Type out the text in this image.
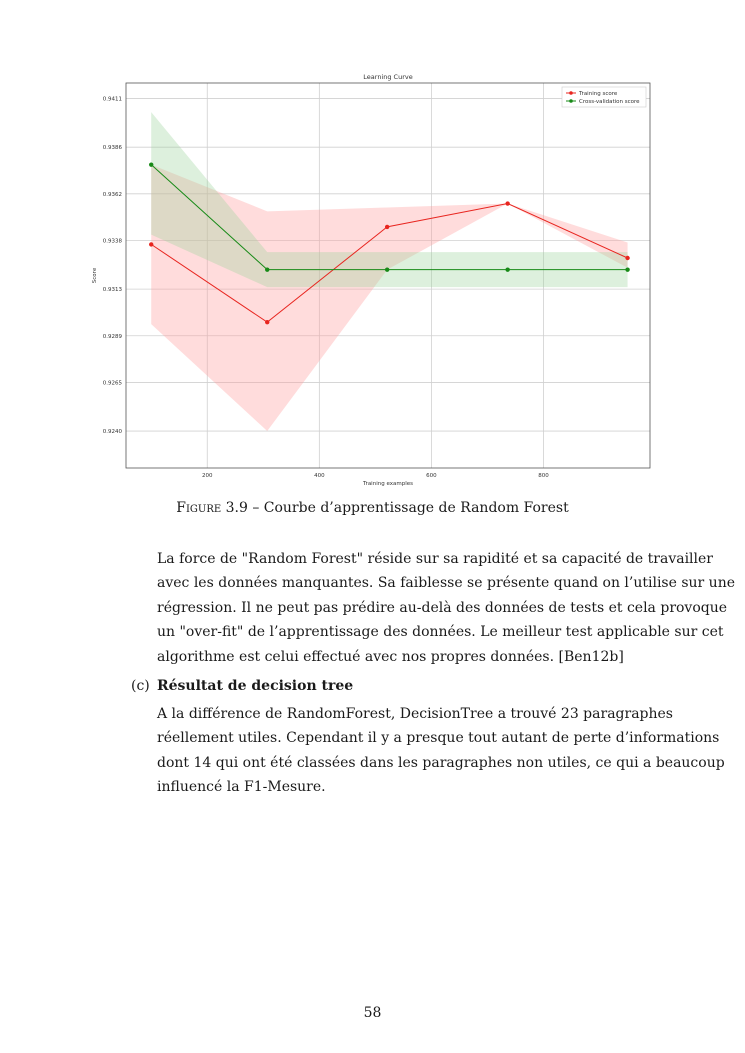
200	400	600	800
0.9240
0.9265
0.9289
0.9313
0.9338
0.9362
0.9386
0.9411
Learning Curve
Training examples
Score
Training score
Cross-validation score
Figure 3.9 – Courbe d’apprentissage de Random Forest
La force de "Random Forest" réside sur sa rapidité et sa capacité de travailler
avec les données manquantes. Sa faiblesse se présente quand on l’utilise sur une
régression. Il ne peut pas prédire au-delà des données de tests et cela provoque
un "over-fit" de l’apprentissage des données. Le meilleur test applicable sur cet
algorithme est celui effectué avec nos propres données. [Ben12b]
(c) Résultat de decision tree
A la différence de RandomForest, DecisionTree a trouvé 23 paragraphes
réellement utiles. Cependant il y a presque tout autant de perte d’informations
dont 14 qui ont été classées dans les paragraphes non utiles, ce qui a beaucoup
influencé la F1-Mesure.
58
